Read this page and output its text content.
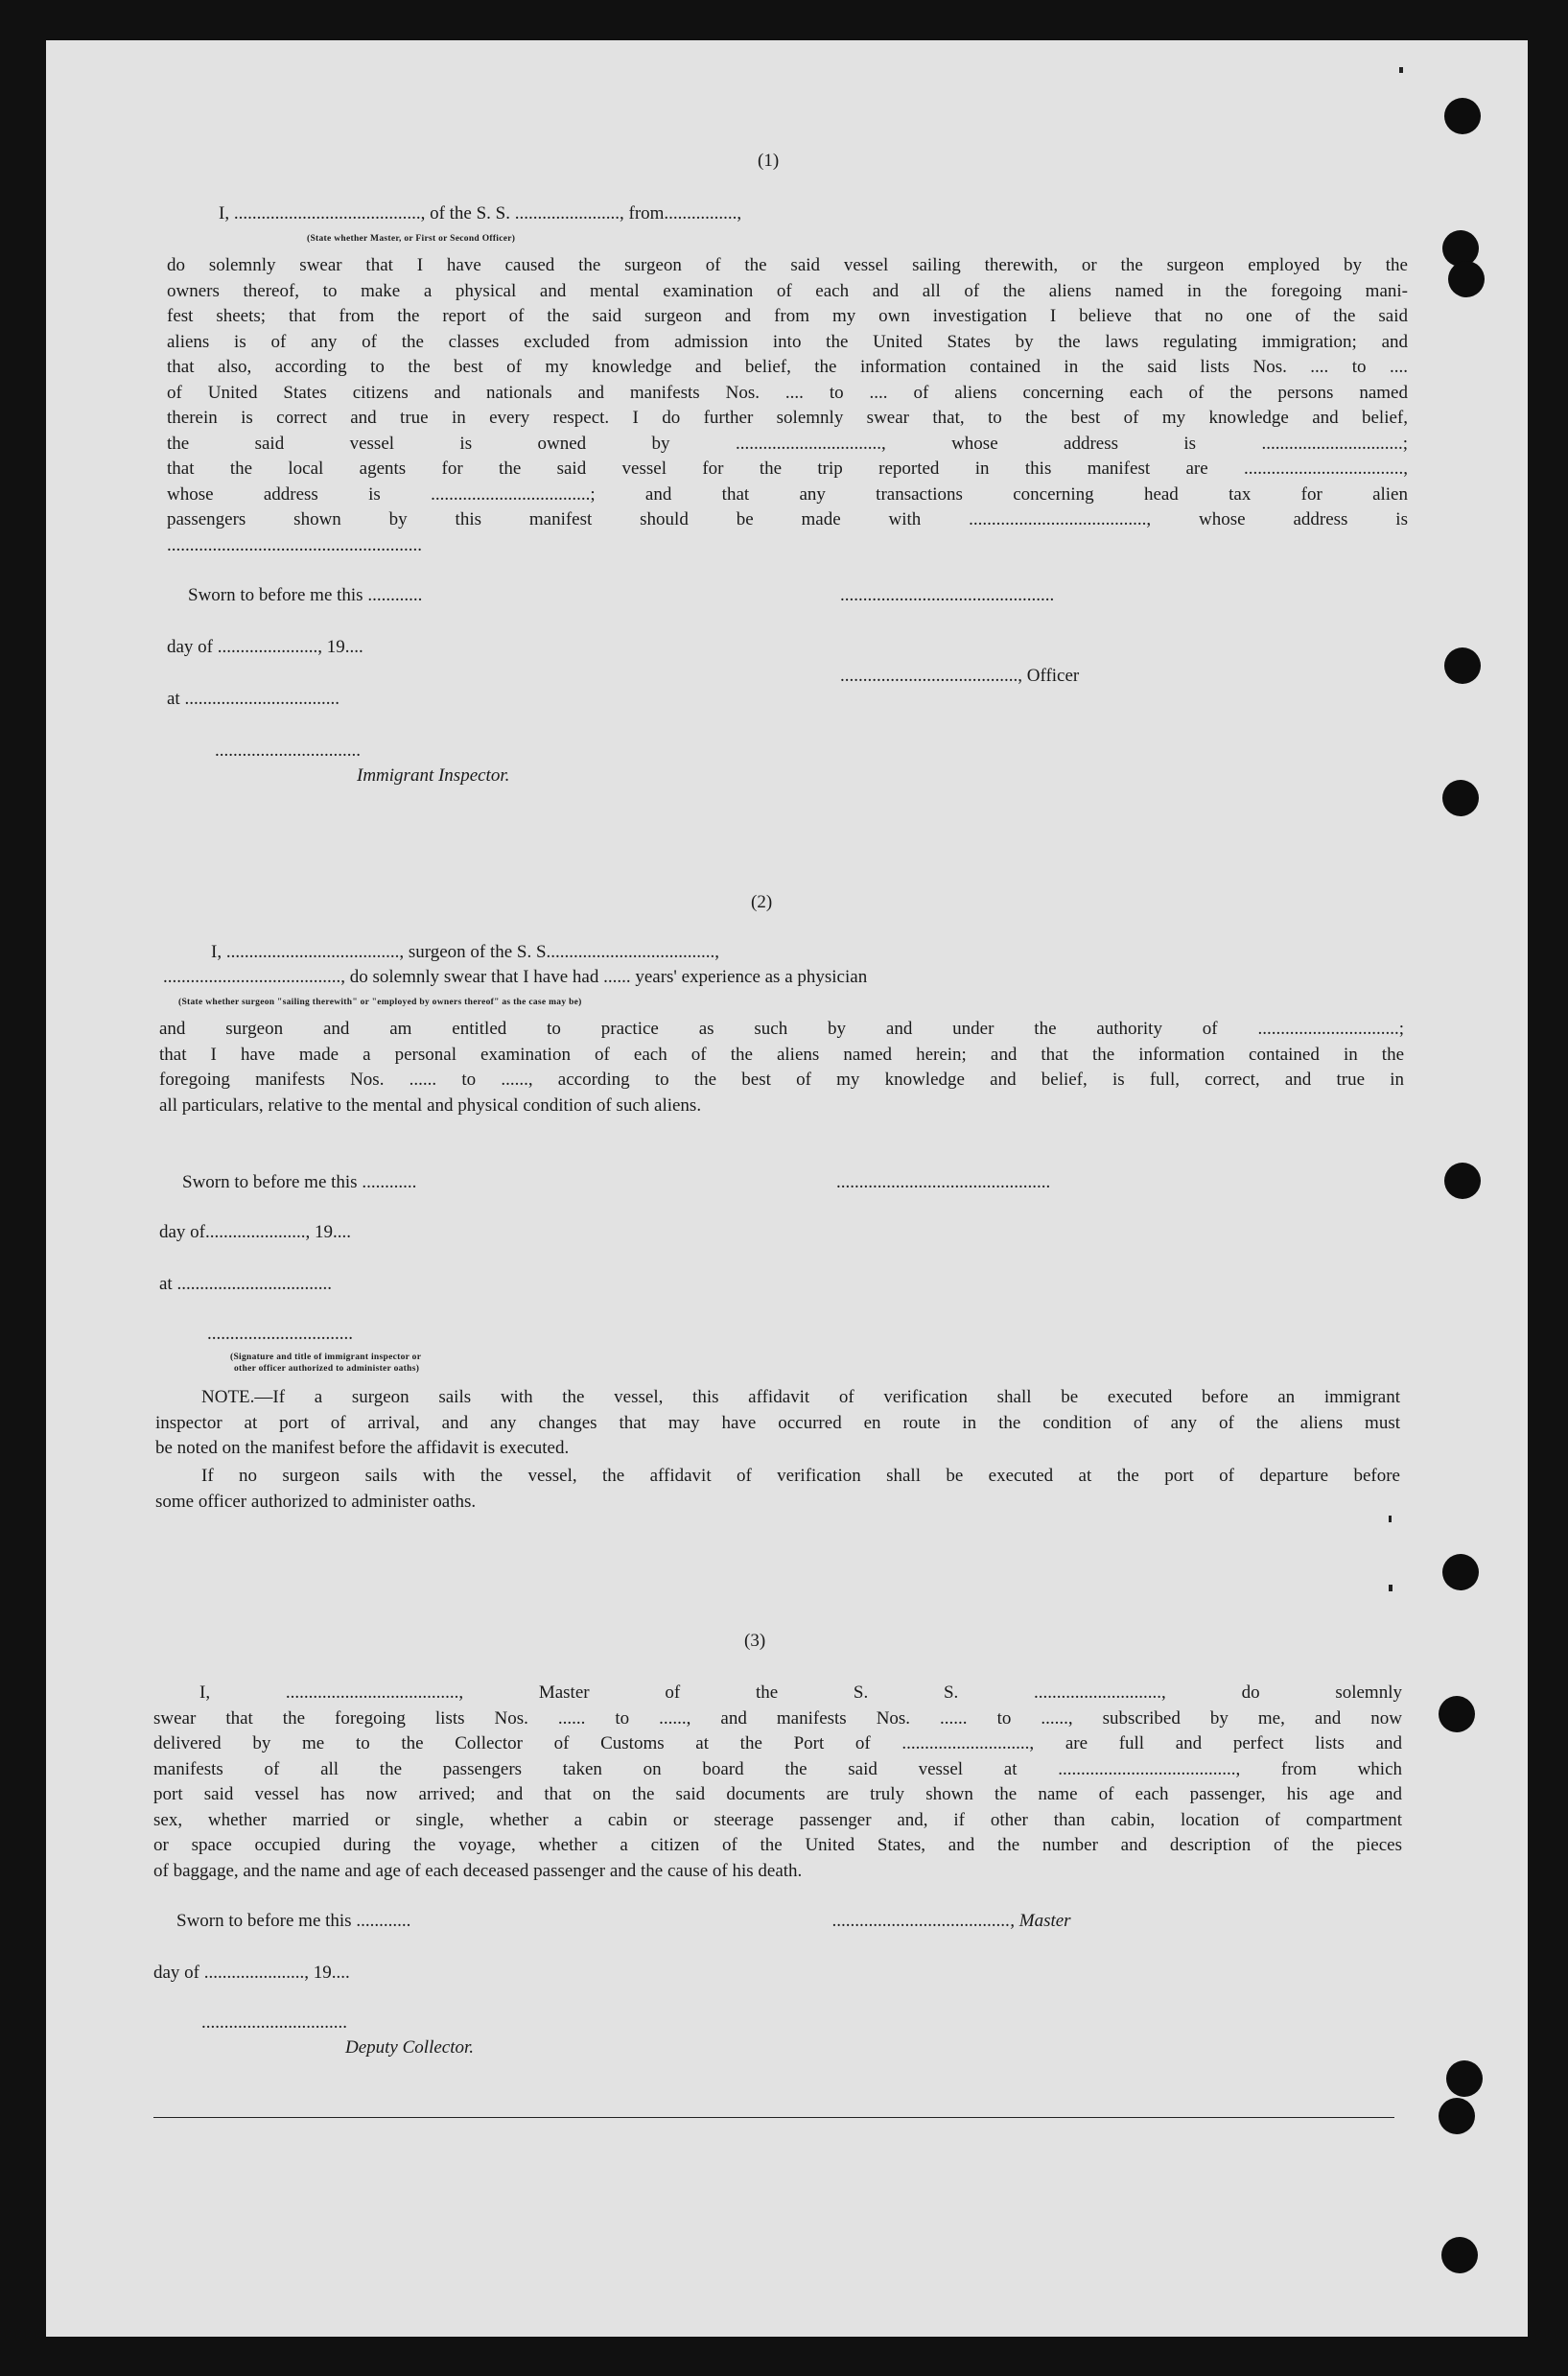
(1)
I, ........................................., of the S. S. ......................., from................,
(State whether Master, or First or Second Officer)
do solemnly swear that I have caused the surgeon of the said vessel sailing therewith, or the surgeon employed by the
owners thereof, to make a physical and mental examination of each and all of the aliens named in the foregoing mani-
fest sheets; that from the report of the said surgeon and from my own investigation I believe that no one of the said
aliens is of any of the classes excluded from admission into the United States by the laws regulating immigration; and
that also, according to the best of my knowledge and belief, the information contained in the said lists Nos. .... to ....
of United States citizens and nationals and manifests Nos. .... to .... of aliens concerning each of the persons named
therein is correct and true in every respect. I do further solemnly swear that, to the best of my knowledge and belief,
the said vessel is owned by ................................, whose address is ...............................;
that the local agents for the said vessel for the trip reported in this manifest are ...................................,
whose address is ...................................; and that any transactions concerning head tax for alien
passengers shown by this manifest should be made with ......................................., whose address is
........................................................
Sworn to before me this ............	...............................................
day of ......................, 19....
......................................., Officer
at ..................................
................................
Immigrant Inspector.
(2)
I, ......................................, surgeon of the S. S.....................................,
......................................., do solemnly swear that I have had ...... years' experience as a physician
(State whether surgeon "sailing therewith" or "employed by owners thereof" as the case may be)
and surgeon and am entitled to practice as such by and under the authority of ...............................;
that I have made a personal examination of each of the aliens named herein; and that the information contained in the
foregoing manifests Nos. ...... to ......, according to the best of my knowledge and belief, is full, correct, and true in
all particulars, relative to the mental and physical condition of such aliens.
Sworn to before me this ............	...............................................
day of......................, 19....
at ..................................
................................
(Signature and title of immigrant inspector or
other officer authorized to administer oaths)
NOTE.—If a surgeon sails with the vessel, this affidavit of verification shall be executed before an immigrant
inspector at port of arrival, and any changes that may have occurred en route in the condition of any of the aliens must
be noted on the manifest before the affidavit is executed.
If no surgeon sails with the vessel, the affidavit of verification shall be executed at the port of departure before
some officer authorized to administer oaths.
(3)
I, ......................................, Master of the S. S. ............................, do solemnly
swear that the foregoing lists Nos. ...... to ......, and manifests Nos. ...... to ......, subscribed by me, and now
delivered by me to the Collector of Customs at the Port of ............................, are full and perfect lists and
manifests of all the passengers taken on board the said vessel at ......................................., from which
port said vessel has now arrived; and that on the said documents are truly shown the name of each passenger, his age and
sex, whether married or single, whether a cabin or steerage passenger and, if other than cabin, location of compartment
or space occupied during the voyage, whether a citizen of the United States, and the number and description of the pieces
of baggage, and the name and age of each deceased passenger and the cause of his death.
Sworn to before me this ............	......................................., Master
day of ......................, 19....
................................
Deputy Collector.
